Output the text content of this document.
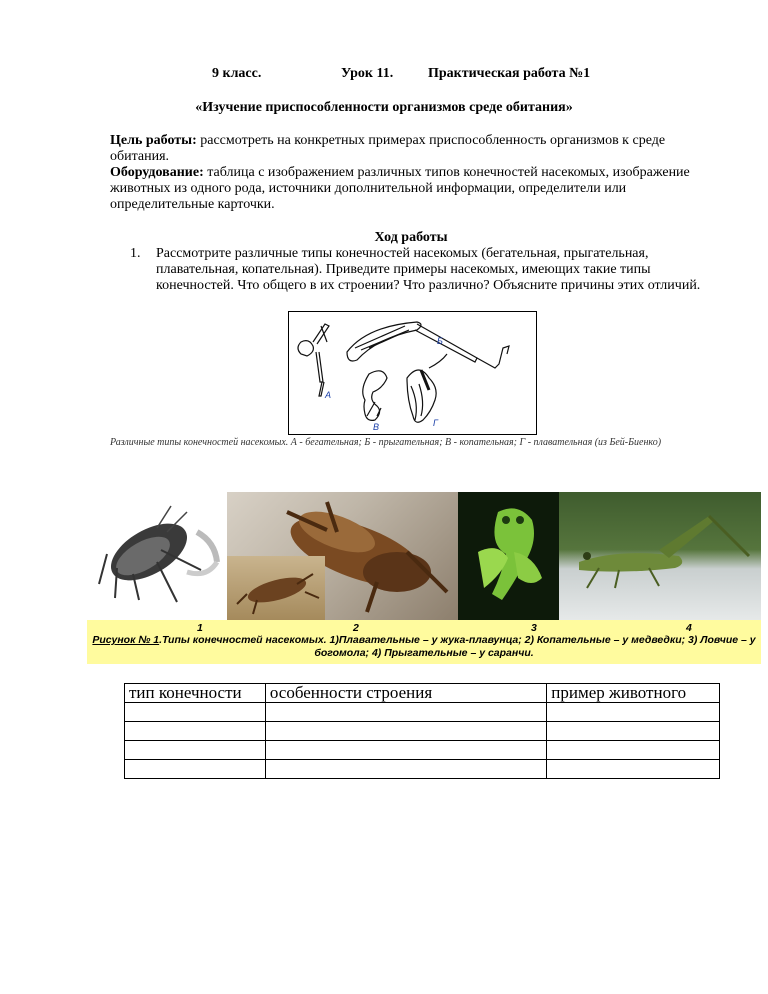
9 класс.	Урок 11. Практическая работа №1
«Изучение приспособленности организмов среде обитания»
Цель работы: рассмотреть на конкретных примерах приспособленность организмов к среде обитания.
Оборудование: таблица с изображением различных типов конечностей насекомых, изображение животных из одного рода, источники дополнительной информации, определители или определительные карточки.
Ход работы
1. Рассмотрите различные типы конечностей насекомых (бегательная, прыгательная, плавательная, копательная). Приведите примеры насекомых, имеющих такие типы конечностей. Что общего в их строении? Что различно? Объясните причины этих отличий.
А
Б
В	Г
Различные типы конечностей насекомых. А - бегательная; Б - прыгательная; В - копательная; Г - плавательная (из Бей-Биенко)
1	2	3	4
Рисунок № 1.Типы конечностей насекомых. 1)Плавательные – у жука-плавунца; 2) Копательные – у медведки; 3) Ловчие – у богомола; 4) Прыгательные – у саранчи.
тип конечности	особенности строения	пример животного
